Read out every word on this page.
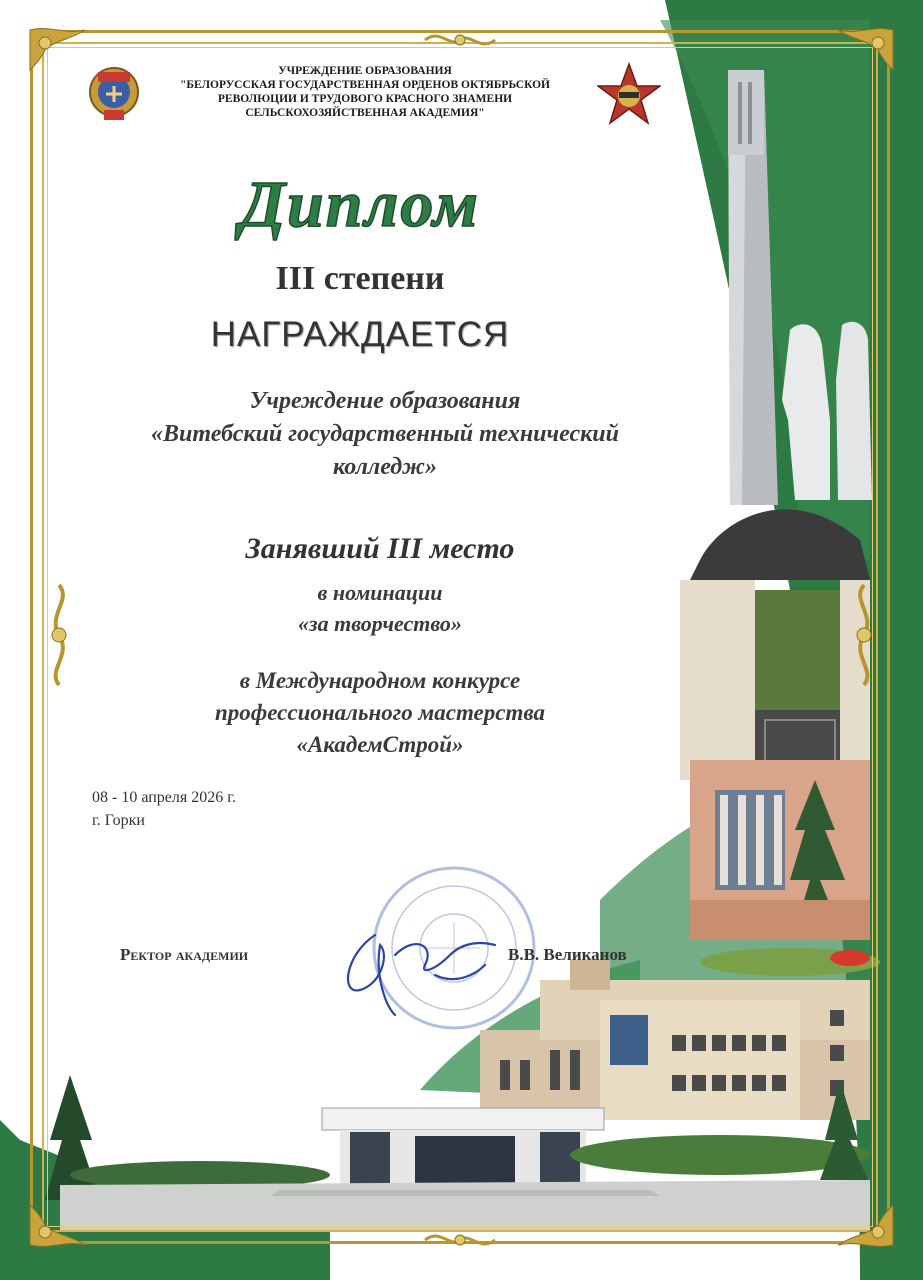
УЧРЕЖДЕНИЕ ОБРАЗОВАНИЯ
"БЕЛОРУССКАЯ ГОСУДАРСТВЕННАЯ ОРДЕНОВ ОКТЯБРЬСКОЙ
РЕВОЛЮЦИИ И ТРУДОВОГО КРАСНОГО ЗНАМЕНИ
СЕЛЬСКОХОЗЯЙСТВЕННАЯ АКАДЕМИЯ"
Диплом
III степени
НАГРАЖДАЕТСЯ
Учреждение образования
«Витебский государственный технический
колледж»
Занявший III место
в номинации
«за творчество»
в Международном конкурсе
профессионального мастерства
«АкадемСтрой»
08 - 10 апреля 2026 г.
г. Горки
Ректор академии	В.В. Великанов
